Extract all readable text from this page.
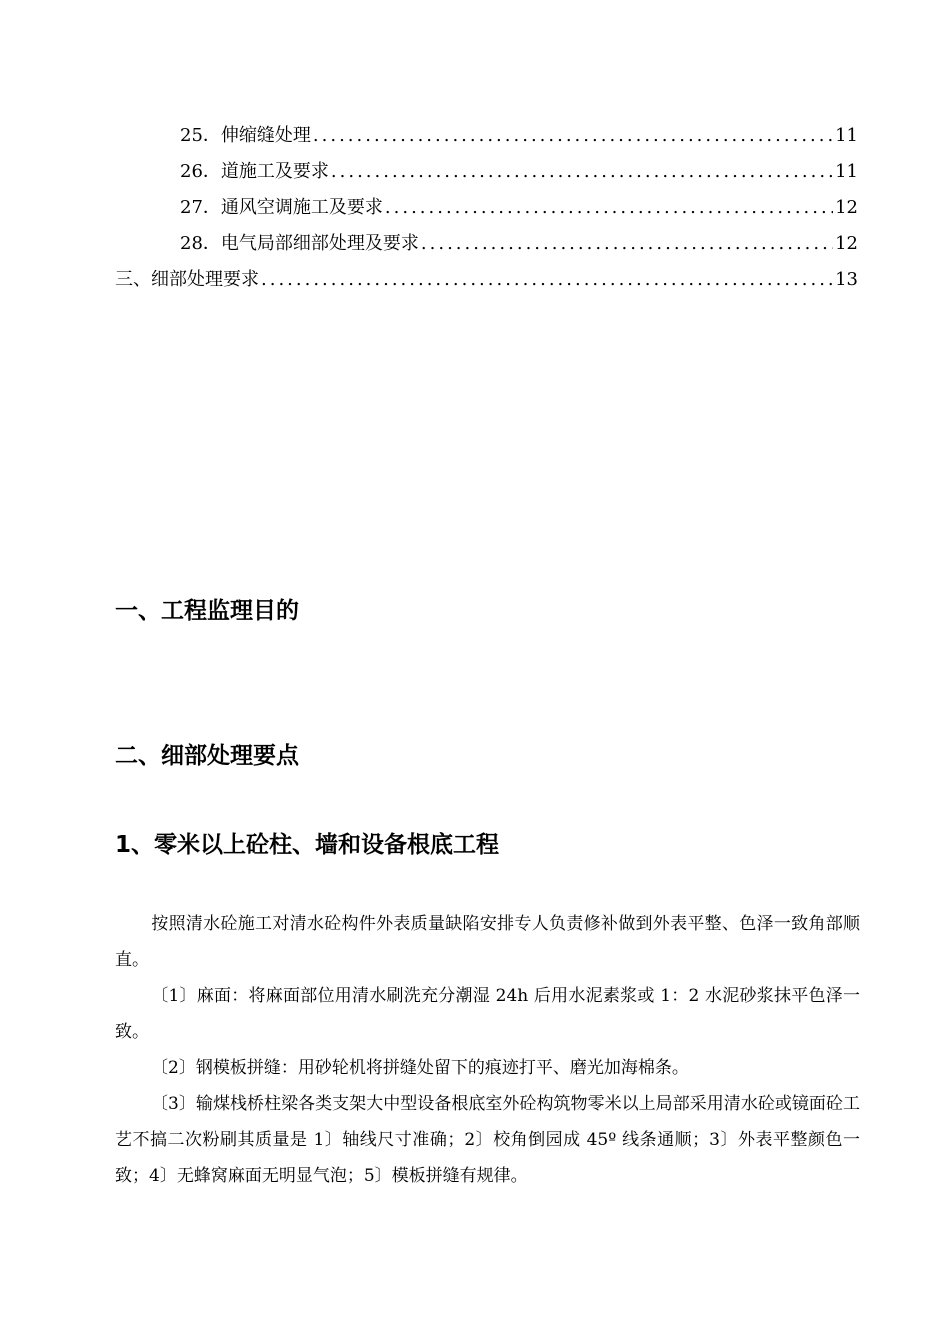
25．伸缩缝处理 .....	11
26．道施工及要求 .....	11
27．通风空调施工及要求 .....	12
28．电气局部细部处理及要求 .....	12
三、细部处理要求 .....	13
一、工程监理目的
二、细部处理要点
1、零米以上砼柱、墙和设备根底工程
按照清水砼施工对清水砼构件外表质量缺陷安排专人负责修补做到外表平整、色泽一致角部顺直。
〔1〕麻面：将麻面部位用清水刷洗充分潮湿 24h 后用水泥素浆或 1：2 水泥砂浆抹平色泽一致。
〔2〕钢模板拼缝：用砂轮机将拼缝处留下的痕迹打平、磨光加海棉条。
〔3〕输煤栈桥柱梁各类支架大中型设备根底室外砼构筑物零米以上局部采用清水砼或镜面砼工艺不搞二次粉刷其质量是 1〕轴线尺寸准确；2〕校角倒园成 45º 线条通顺；3〕外表平整颜色一致；4〕无蜂窝麻面无明显气泡；5〕模板拼缝有规律。
